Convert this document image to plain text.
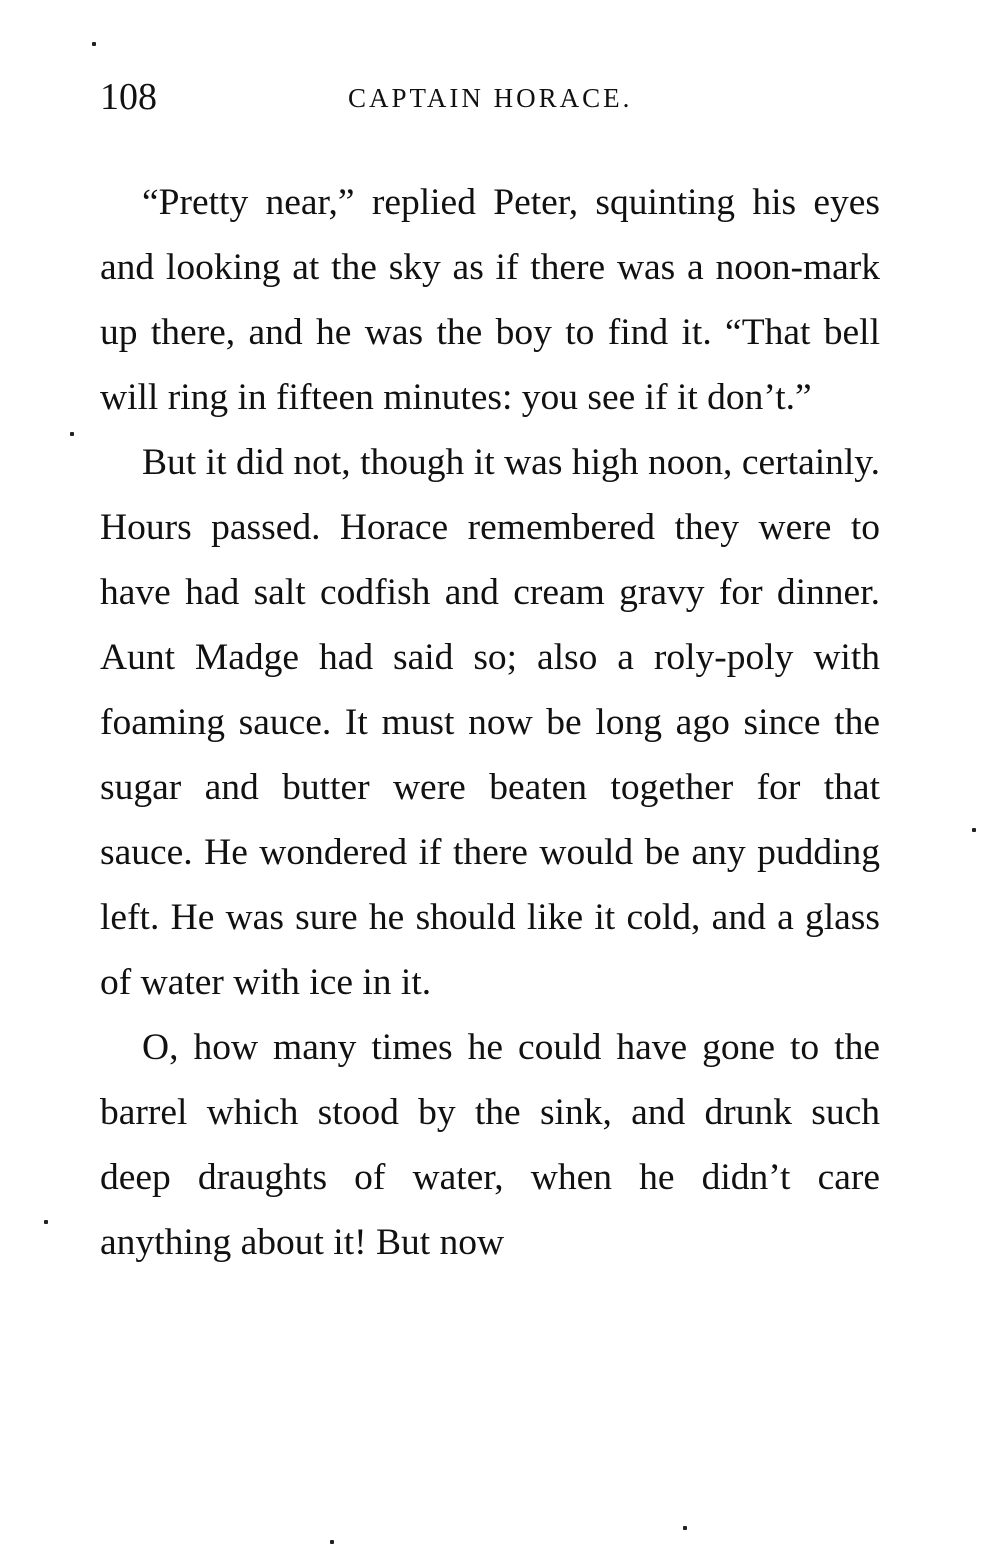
108	CAPTAIN HORACE.

“Pretty near,” replied Peter, squinting his eyes and looking at the sky as if there was a noon-mark up there, and he was the boy to find it. “That bell will ring in fifteen minutes: you see if it don’t.”

But it did not, though it was high noon, certainly. Hours passed. Horace remembered they were to have had salt codfish and cream gravy for dinner. Aunt Madge had said so; also a roly-poly with foaming sauce. It must now be long ago since the sugar and butter were beaten together for that sauce. He wondered if there would be any pudding left. He was sure he should like it cold, and a glass of water with ice in it.

O, how many times he could have gone to the barrel which stood by the sink, and drunk such deep draughts of water, when he didn’t care anything about it! But now
